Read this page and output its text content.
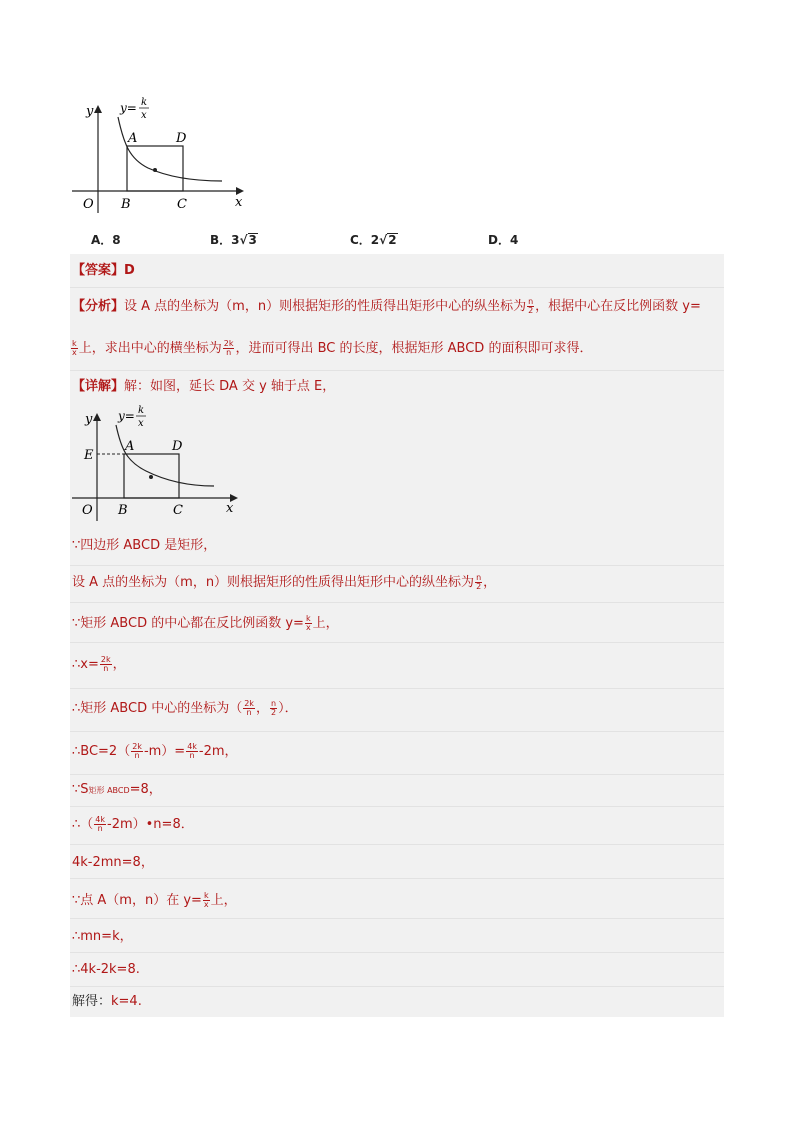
y
x
O
A	D
B	C
y= k
x
A．8	B．3√3	C．2√2	D．4
【答案】D
【分析】设 A 点的坐标为（m，n）则根据矩形的性质得出矩形中心的纵坐标为 $\frac{n}{2}$ ，根据中心在反比例函数 y=
$\frac{k}{x}$ 上，求出中心的横坐标为 $\frac{2k}{n}$ ，进而可得出 BC 的长度，根据矩形 ABCD 的面积即可求得．
【详解】解：如图，延长 DA 交 y 轴于点 E，
y
x
O
E
A	D
B	C
y= k
x
∵四边形 ABCD 是矩形，
设 A 点的坐标为（m，n）则根据矩形的性质得出矩形中心的纵坐标为 $\frac{n}{2}$ ，
∵矩形 ABCD 的中心都在反比例函数 $y= \frac{k}{x}$ 上，
∴x= $\frac{2k}{n}$ ，
∴矩形 ABCD 中心的坐标为（ $\frac{2k}{n}$ ， $\frac{n}{2}$ ）．
∴BC=2（ $\frac{2k}{n} -m)= \frac{4k}{n} -2m$，
∵S矩形 ABCD=8，
∴（ $\frac{4k}{n}$ -2m）•n=8．
4k-2mn=8，
∵点 A（m，n）在 $y= \frac{k}{x}$ 上，
∴mn=k，
∴4k-2k=8.
解得：k=4.
